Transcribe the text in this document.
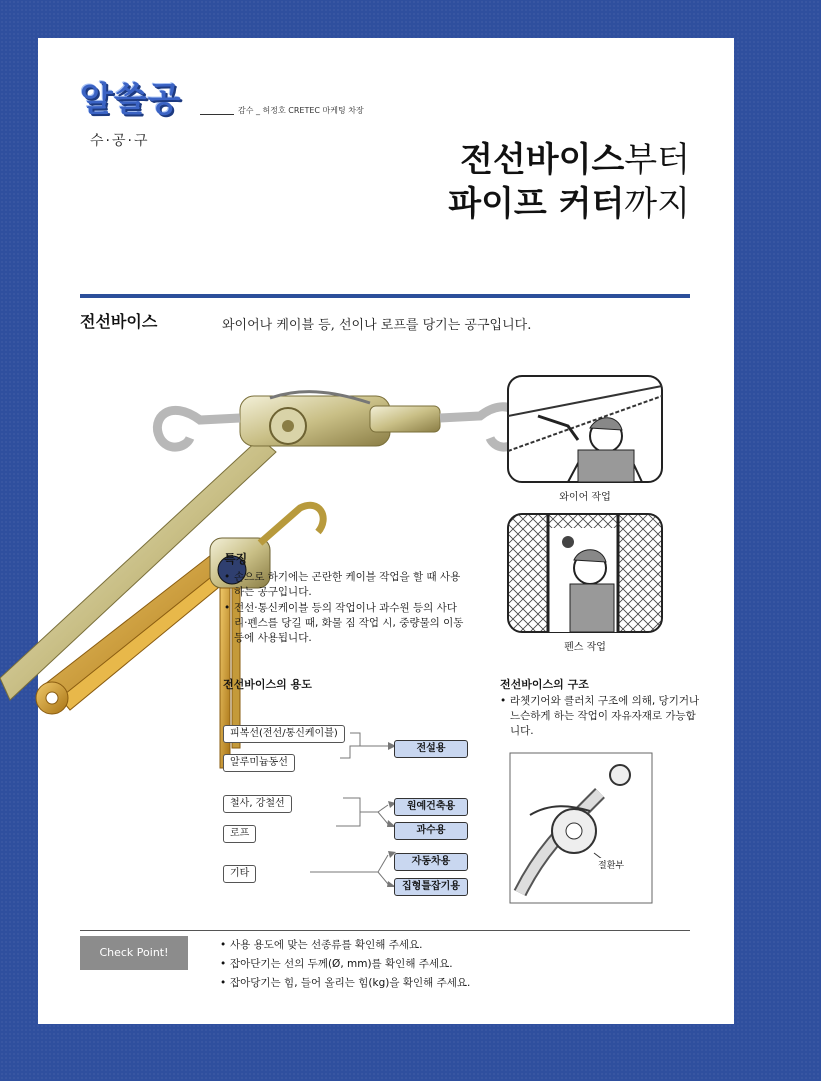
알쓸공	감수 _ 허정호 CRETEC 마케팅 차장
수·공·구	전선바이스부터
파이프 커터까지
전선바이스	와이어나 케이블 등, 선이나 로프를 당기는 공구입니다.
특징
• 손으로 하기에는 곤란한 케이블 작업을 할 때 사용하는 공구입니다.
• 전선·통신케이블 등의 작업이나 과수원 등의 사다리·펜스를 당길 때, 화물 짐 작업 시, 중량물의 이동 등에 사용됩니다.
와이어 작업
펜스 작업
전선바이스의 용도
피복선(전선/통신케이블)
알루미늄동선
철사, 강철선
로프
기타
전설용
원예건축용
과수용
자동차용
집형틀잡기용
전선바이스의 구조
• 라쳇기어와 클러치 구조에 의해, 당기거나 느슨하게 하는 작업이 자유자재로 가능합니다.
절환부
Check Point!
• 사용 용도에 맞는 선종류를 확인해 주세요.
• 잡아단기는 선의 두께(Ø, mm)를 확인해 주세요.
• 잡아당기는 힘, 들어 올리는 힘(kg)을 확인해 주세요.
